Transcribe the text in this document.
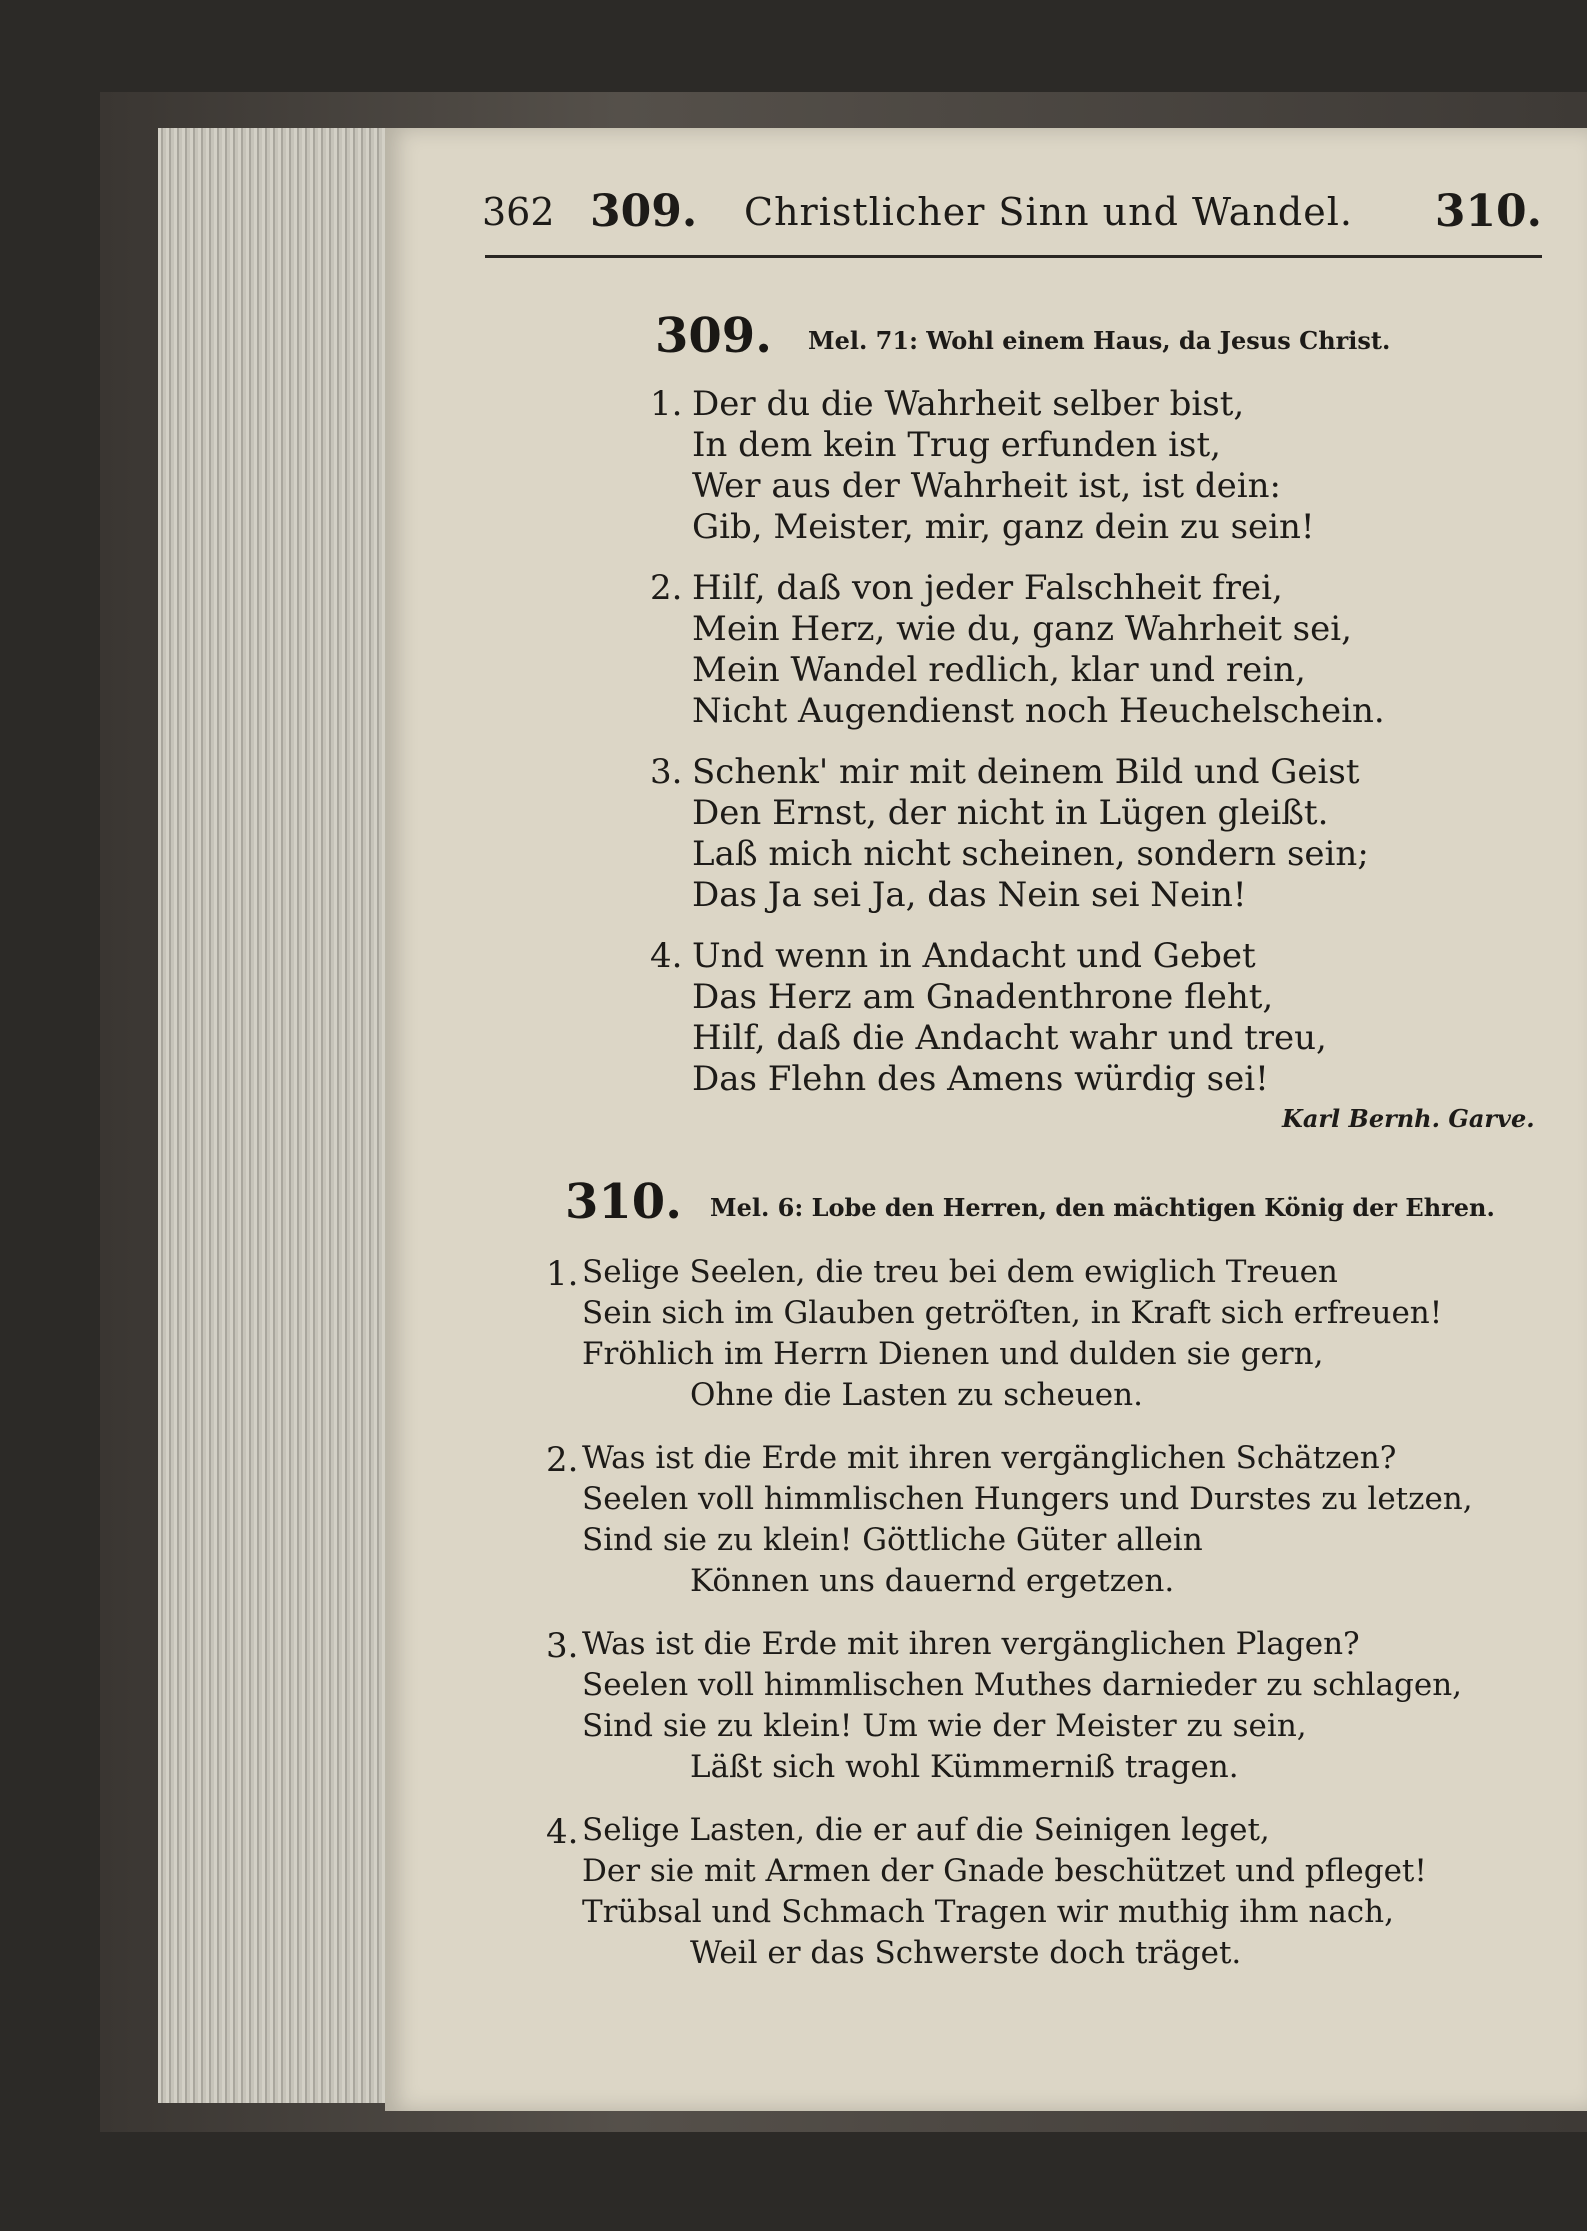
362 309. Christlicher Sinn und Wandel. 310.
309. Mel. 71: Wohl einem Haus, da Jesus Christ.
1. Der du die Wahrheit selber bist,
In dem kein Trug erfunden ist,
Wer aus der Wahrheit ist, ist dein:
Gib, Meister, mir, ganz dein zu sein!
2. Hilf, daß von jeder Falschheit frei,
Mein Herz, wie du, ganz Wahrheit sei,
Mein Wandel redlich, klar und rein,
Nicht Augendienst noch Heuchelschein.
3. Schenk' mir mit deinem Bild und Geist
Den Ernst, der nicht in Lügen gleißt.
Laß mich nicht scheinen, sondern sein;
Das Ja sei Ja, das Nein sei Nein!
4. Und wenn in Andacht und Gebet
Das Herz am Gnadenthrone fleht,
Hilf, daß die Andacht wahr und treu,
Das Flehn des Amens würdig sei!
Karl Bernh. Garve.
310. Mel. 6: Lobe den Herren, den mächtigen König der Ehren.
1. Selige Seelen, die treu bei dem ewiglich Treuen
Sein sich im Glauben getröſten, in Kraft sich erfreuen!
Fröhlich im Herrn Dienen und dulden sie gern,
Ohne die Lasten zu scheuen.
2. Was ist die Erde mit ihren vergänglichen Schätzen?
Seelen voll himmlischen Hungers und Durstes zu letzen,
Sind sie zu klein! Göttliche Güter allein
Können uns dauernd ergetzen.
3. Was ist die Erde mit ihren vergänglichen Plagen?
Seelen voll himmlischen Muthes darnieder zu schlagen,
Sind sie zu klein! Um wie der Meister zu sein,
Läßt sich wohl Kümmerniß tragen.
4. Selige Lasten, die er auf die Seinigen leget,
Der sie mit Armen der Gnade beschützet und pfleget!
Trübsal und Schmach Tragen wir muthig ihm nach,
Weil er das Schwerste doch träget.
